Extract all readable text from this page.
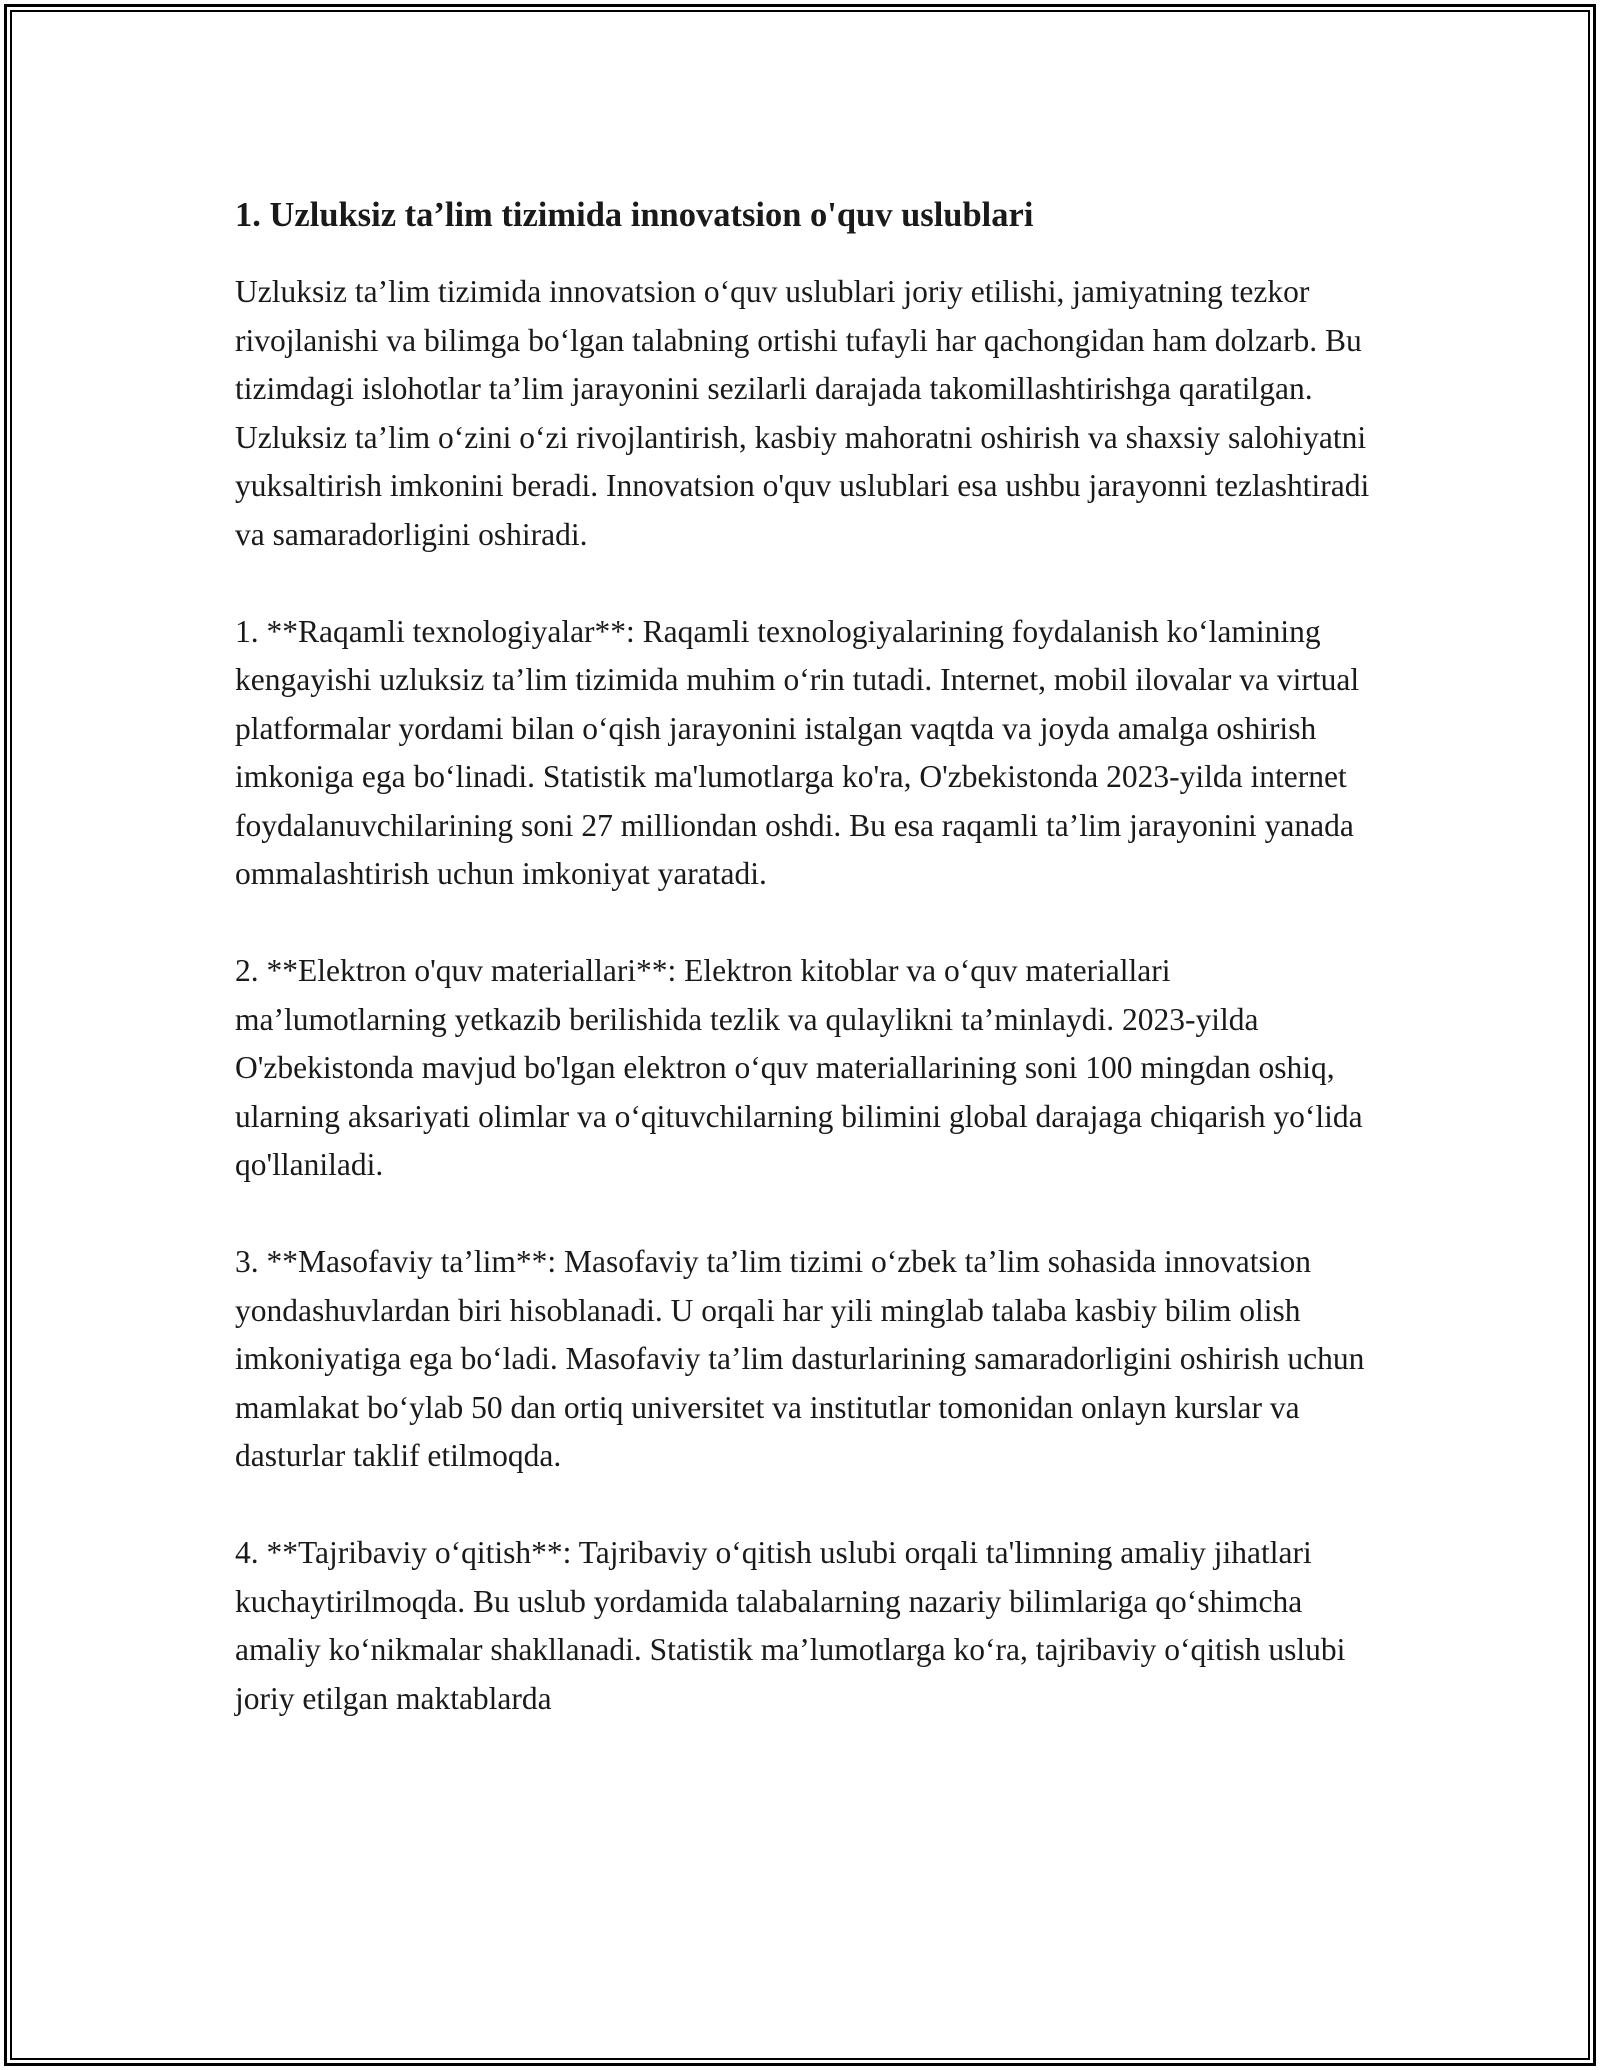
1. Uzluksiz ta’lim tizimida innovatsion o'quv uslublari

Uzluksiz ta’lim tizimida innovatsion o‘quv uslublari joriy etilishi, jamiyatning tezkor rivojlanishi va bilimga bo‘lgan talabning ortishi tufayli har qachongidan ham dolzarb. Bu tizimdagi islohotlar ta’lim jarayonini sezilarli darajada takomillashtirishga qaratilgan. Uzluksiz ta’lim o‘zini o‘zi rivojlantirish, kasbiy mahoratni oshirish va shaxsiy salohiyatni yuksaltirish imkonini beradi. Innovatsion o'quv uslublari esa ushbu jarayonni tezlashtiradi va samaradorligini oshiradi.

1. **Raqamli texnologiyalar**: Raqamli texnologiyalarining foydalanish ko‘lamining kengayishi uzluksiz ta’lim tizimida muhim o‘rin tutadi. Internet, mobil ilovalar va virtual platformalar yordami bilan o‘qish jarayonini istalgan vaqtda va joyda amalga oshirish imkoniga ega bo‘linadi. Statistik ma'lumotlarga ko'ra, O'zbekistonda 2023-yilda internet foydalanuvchilarining soni 27 milliondan oshdi. Bu esa raqamli ta’lim jarayonini yanada ommalashtirish uchun imkoniyat yaratadi.

2. **Elektron o'quv materiallari**: Elektron kitoblar va o‘quv materiallari ma’lumotlarning yetkazib berilishida tezlik va qulaylikni ta’minlaydi. 2023-yilda O'zbekistonda mavjud bo'lgan elektron o‘quv materiallarining soni 100 mingdan oshiq, ularning aksariyati olimlar va o‘qituvchilarning bilimini global darajaga chiqarish yo‘lida qo'llaniladi.

3. **Masofaviy ta’lim**: Masofaviy ta’lim tizimi o‘zbek ta’lim sohasida innovatsion yondashuvlardan biri hisoblanadi. U orqali har yili minglab talaba kasbiy bilim olish imkoniyatiga ega bo‘ladi. Masofaviy ta’lim dasturlarining samaradorligini oshirish uchun mamlakat bo‘ylab 50 dan ortiq universitet va institutlar tomonidan onlayn kurslar va dasturlar taklif etilmoqda.

4. **Tajribaviy o‘qitish**: Tajribaviy o‘qitish uslubi orqali ta'limning amaliy jihatlari kuchaytirilmoqda. Bu uslub yordamida talabalarning nazariy bilimlariga qo‘shimcha amaliy ko‘nikmalar shakllanadi. Statistik ma’lumotlarga ko‘ra, tajribaviy o‘qitish uslubi joriy etilgan maktablarda
